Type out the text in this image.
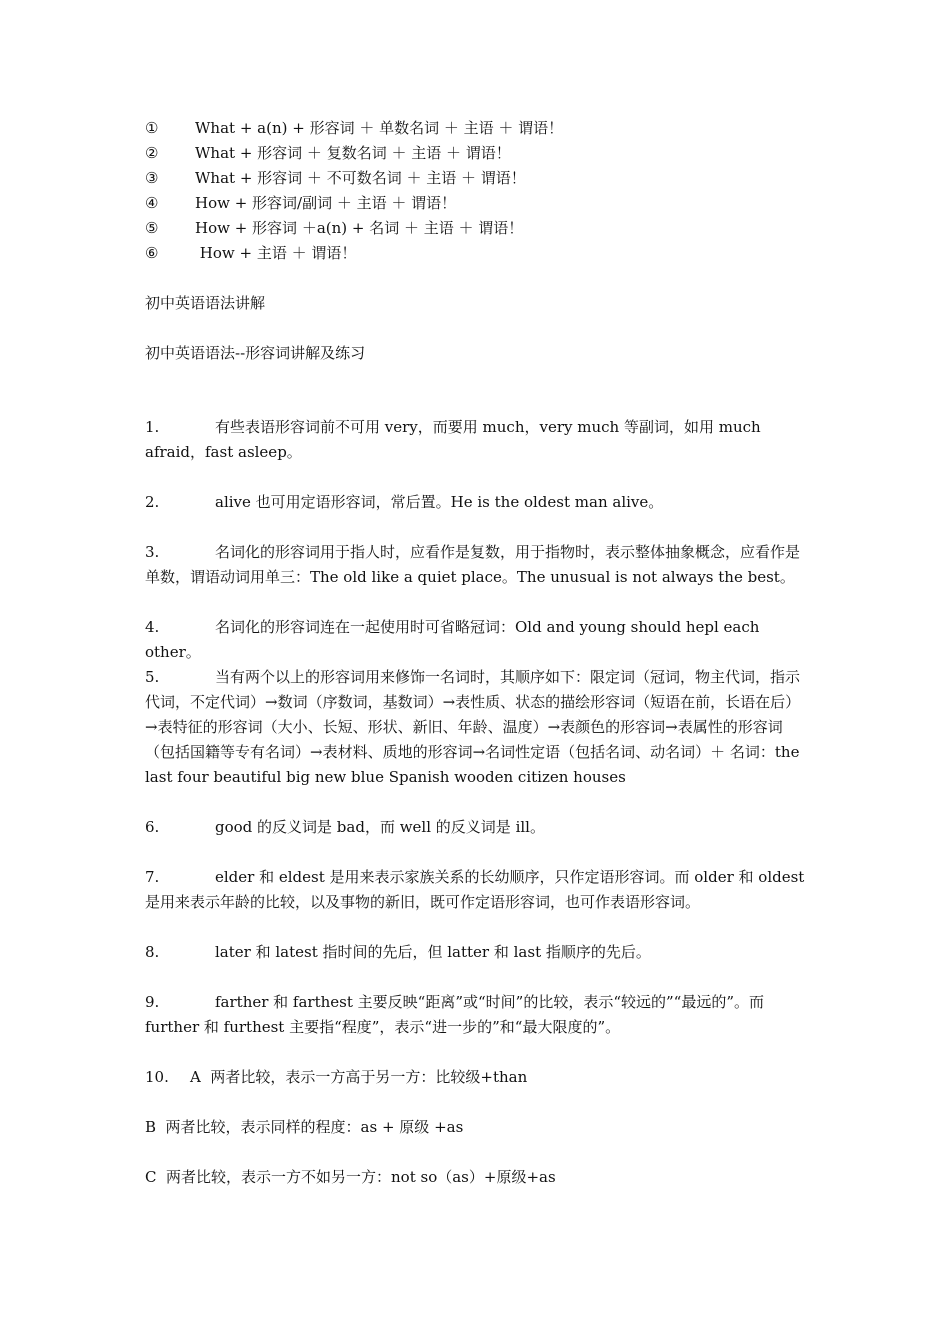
① What + a(n) + 形容词 ＋ 单数名词 ＋ 主语 ＋ 谓语！
② What + 形容词 ＋ 复数名词 ＋ 主语 ＋ 谓语！
③ What + 形容词 ＋ 不可数名词 ＋ 主语 ＋ 谓语！
④ How + 形容词/副词 ＋ 主语 ＋ 谓语！
⑤ How + 形容词 ＋a(n) + 名词 ＋ 主语 ＋ 谓语！
⑥ How + 主语 ＋ 谓语！
初中英语语法讲解
初中英语语法--形容词讲解及练习

1.	有些表语形容词前不可用 very，而要用 much，very much 等副词，如用 much afraid，fast asleep。

2.	alive 也可用定语形容词，常后置。He is the oldest man alive。

3.	名词化的形容词用于指人时，应看作是复数，用于指物时，表示整体抽象概念，应看作是单数，谓语动词用单三：The old like a quiet place。The unusual is not always the best。

4.	名词化的形容词连在一起使用时可省略冠词：Old and young should hepl each other。

5.	当有两个以上的形容词用来修饰一名词时，其顺序如下：限定词（冠词，物主代词，指示代词，不定代词）→数词（序数词，基数词）→表性质、状态的描绘形容词（短语在前，长语在后）→表特征的形容词（大小、长短、形状、新旧、年龄、温度）→表颜色的形容词→表属性的形容词（包括国籍等专有名词）→表材料、质地的形容词→名词性定语（包括名词、动名词）＋ 名词：the last four beautiful big new blue Spanish wooden citizen houses

6.	good 的反义词是 bad，而 well 的反义词是 ill。

7.	elder 和 eldest 是用来表示家族关系的长幼顺序，只作定语形容词。而 older 和 oldest 是用来表示年龄的比较，以及事物的新旧，既可作定语形容词，也可作表语形容词。

8.	later 和 latest 指时间的先后，但 latter 和 last 指顺序的先后。

9.	farther 和 farthest 主要反映“距离”或“时间”的比较，表示“较远的”“最远的”。而 further 和 furthest 主要指“程度”，表示“进一步的”和“最大限度的”。

10. A  两者比较，表示一方高于另一方：比较级+than

B  两者比较，表示同样的程度：as + 原级 +as
C  两者比较，表示一方不如另一方：not so（as）+原级+as
